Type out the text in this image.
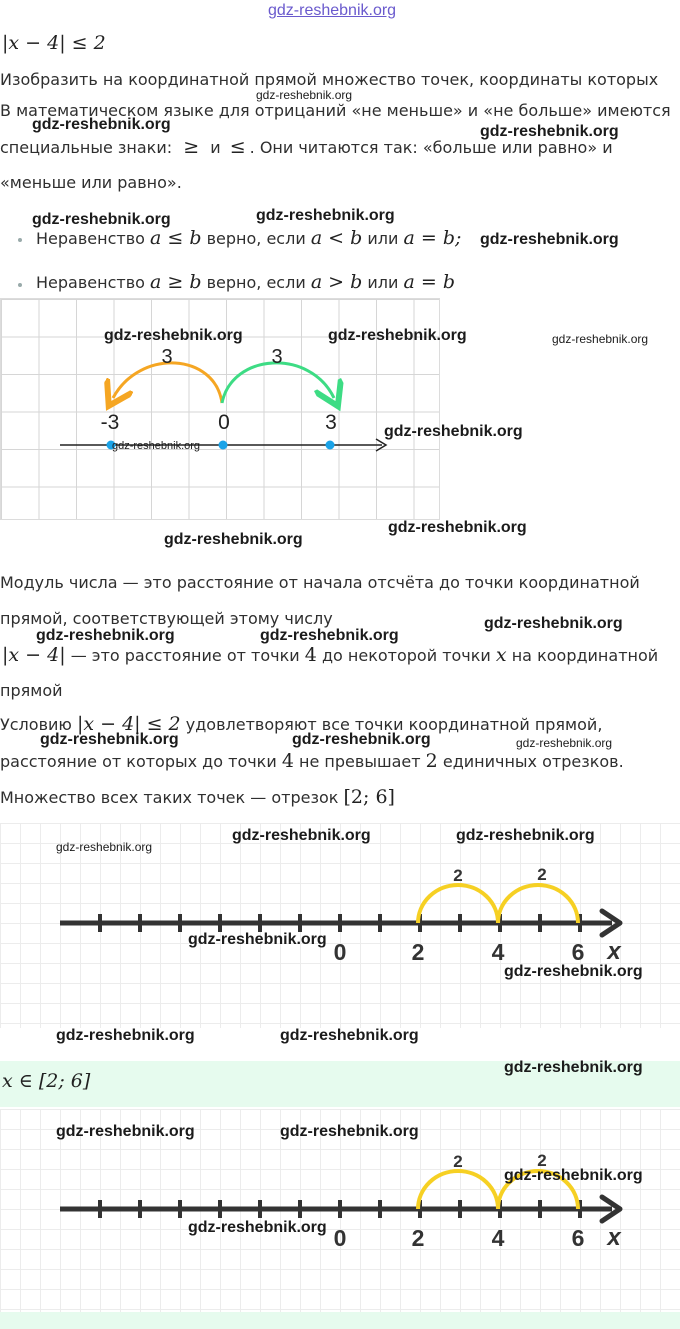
gdz-reshebnik.org
|x − 4| ≤ 2
Изобразить на координатной прямой множество точек, координаты которых
gdz-reshebnik.org
В математическом языке для отрицаний «не меньше» и «не больше» имеются
gdz-reshebnik.org	gdz-reshebnik.org
специальные знаки: ≥ и ≤ . Они читаются так: «больше или равно» и
«меньше или равно».
gdz-reshebnik.org	gdz-reshebnik.org
gdz-reshebnik.org
Неравенство a ≤ b верно, если a < b или a = b;
Неравенство a ≥ b верно, если a > b или a = b
3	3
-3	0	3
gdz-reshebnik.org	gdz-reshebnik.org	gdz-reshebnik.org
gdz-reshebnik.org
gdz-reshebnik.org
gdz-reshebnik.org
gdz-reshebnik.org
Модуль числа — это расстояние от начала отсчёта до точки координатной
прямой, соответствующей этому числу	gdz-reshebnik.org
gdz-reshebnik.org	gdz-reshebnik.org
|x − 4| — это расстояние от точки 4 до некоторой точки x на координатной
прямой
Условию |x − 4| ≤ 2 удовлетворяют все точки координатной прямой,
gdz-reshebnik.org	gdz-reshebnik.org	gdz-reshebnik.org
расстояние от которых до точки 4 не превышает 2 единичных отрезков.
Множество всех таких точек — отрезок [2; 6]
2	2
0	2	4	6 x
gdz-reshebnik.org
gdz-reshebnik.org	gdz-reshebnik.org
gdz-reshebnik.org
gdz-reshebnik.org
gdz-reshebnik.org	gdz-reshebnik.org
x ∈ [2; 6]
gdz-reshebnik.org
2	2
0	2	4	6 x
gdz-reshebnik.org	gdz-reshebnik.org
gdz-reshebnik.org
gdz-reshebnik.org
